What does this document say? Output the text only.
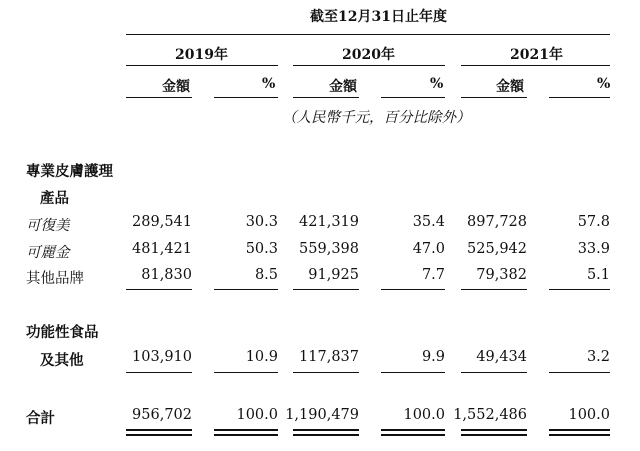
截至12月31日止年度
2019年	2020年	2021年
金額	%	金額	%	金額	%
（人民幣千元，百分比除外）
專業皮膚護理
產品
可復美	289,541	30.3	421,319	35.4	897,728	57.8
可麗金	481,421	50.3	559,398	47.0	525,942	33.9
其他品牌	81,830	8.5	91,925	7.7	79,382	5.1
功能性食品
及其他	103,910	10.9	117,837	9.9	49,434	3.2
合計	956,702	100.0 1,190,479	100.0 1,552,486	100.0
